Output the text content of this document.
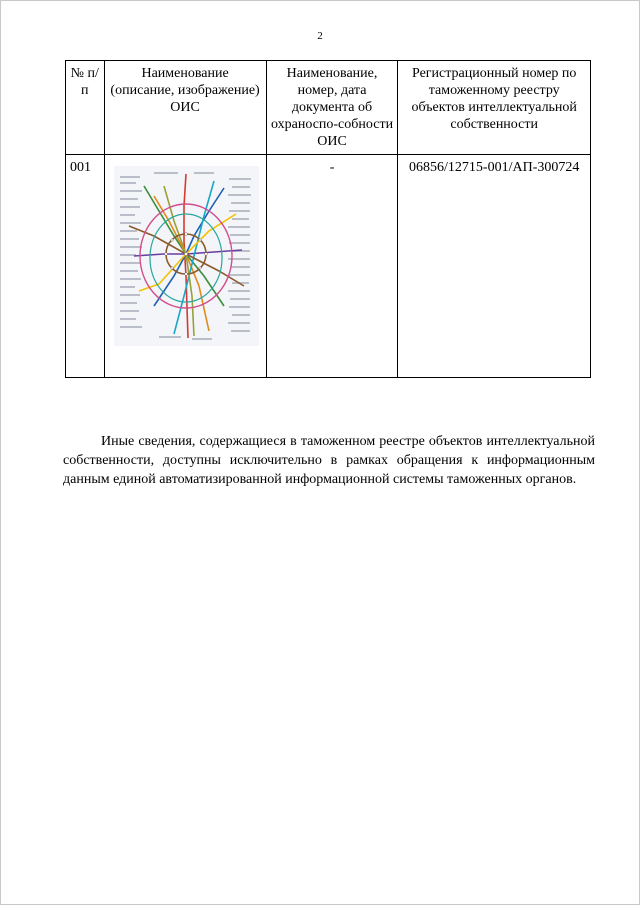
2
№ п/п	Наименование (описание, изображение) ОИС	Наименование, номер, дата документа об охраноспо-собности ОИС	Регистрационный номер по таможенному реестру объектов интеллектуальной собственности
001		-	06856/12715-001/АП-300724

Иные сведения, содержащиеся в таможенном реестре объектов интеллектуальной собственности, доступны исключительно в рамках обращения к информационным данным единой автоматизированной информационной системы таможенных органов.
